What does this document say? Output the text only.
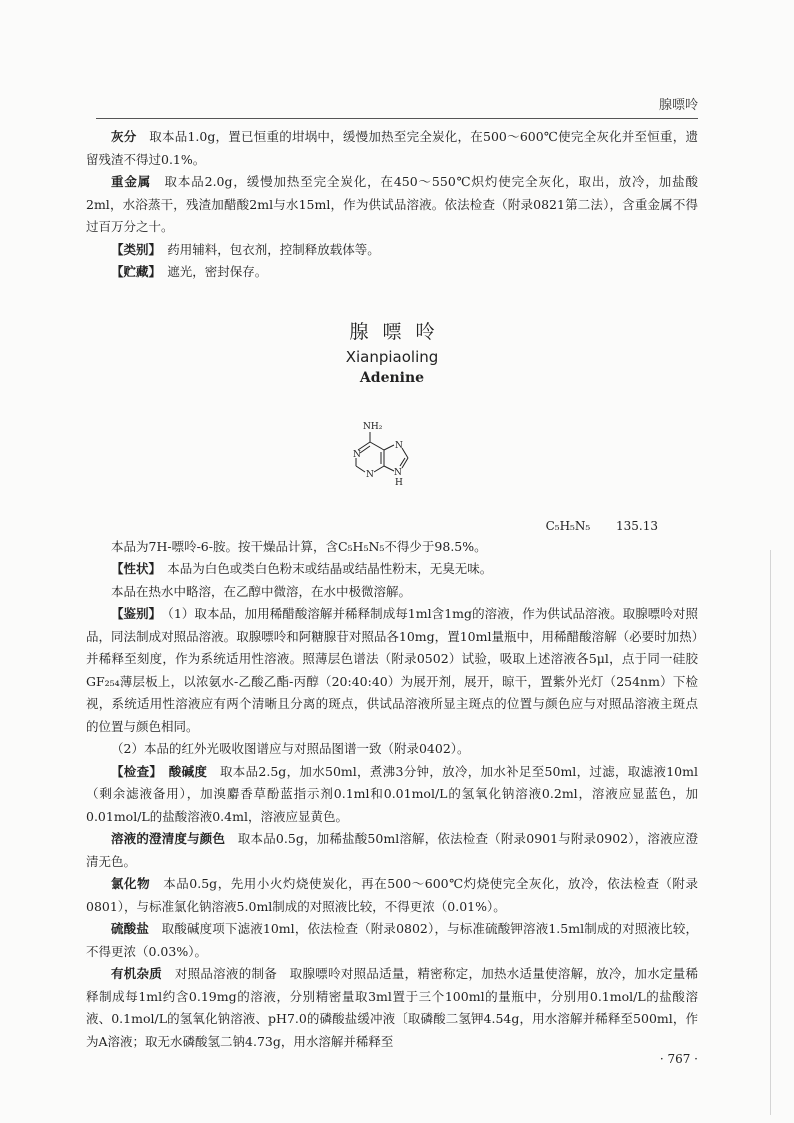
腺嘌呤

灰分　 取本品1.0g，置已恒重的坩埚中，缓慢加热至完全炭化，在500～600℃使完全灰化并至恒重，遗留残渣不得过0.1%。

重金属　 取本品2.0g，缓慢加热至完全炭化，在450～550℃炽灼使完全灰化，取出，放冷，加盐酸2ml，水浴蒸干，残渣加醋酸2ml与水15ml，作为供试品溶液。依法检查（附录0821第二法），含重金属不得过百万分之十。

【类别】　 药用辅料，包衣剂，控制释放载体等。

【贮藏】　 遮光，密封保存。

腺嘌呤
Xianpiaoling
Adenine
NH₂
N
N
N
N
H
C₅H₅N₅ 135.13

本品为7H-嘌呤-6-胺。按干燥品计算，含C₅H₅N₅不得少于98.5%。

【性状】　 本品为白色或类白色粉末或结晶或结晶性粉末，无臭无味。

本品在热水中略溶，在乙醇中微溶，在水中极微溶解。

【鉴别】　 （1）取本品，加用稀醋酸溶解并稀释制成每1ml含1mg的溶液，作为供试品溶液。取腺嘌呤对照品，同法制成对照品溶液。取腺嘌呤和阿糖腺苷对照品各10mg，置10ml量瓶中，用稀醋酸溶解（必要时加热）并稀释至刻度，作为系统适用性溶液。照薄层色谱法（附录0502）试验，吸取上述溶液各5μl，点于同一硅胶GF₂₅₄薄层板上，以浓氨水-乙酸乙酯-丙醇（20:40:40）为展开剂，展开，晾干，置紫外光灯（254nm）下检视，系统适用性溶液应有两个清晰且分离的斑点，供试品溶液所显主斑点的位置与颜色应与对照品溶液主斑点的位置与颜色相同。

（2）本品的红外光吸收图谱应与对照品图谱一致（附录0402）。

【检查】　 酸碱度　 取本品2.5g，加水50ml，煮沸3分钟，放冷，加水补足至50ml，过滤，取滤液10ml（剩余滤液备用），加溴麝香草酚蓝指示剂0.1ml和0.01mol/L的氢氧化钠溶液0.2ml，溶液应显蓝色，加0.01mol/L的盐酸溶液0.4ml，溶液应显黄色。

溶液的澄清度与颜色　 取本品0.5g，加稀盐酸50ml溶解，依法检查（附录0901与附录0902），溶液应澄清无色。

氯化物　 本品0.5g，先用小火灼烧使炭化，再在500～600℃灼烧使完全灰化，放冷，依法检查（附录0801），与标准氯化钠溶液5.0ml制成的对照液比较，不得更浓（0.01%）。

硫酸盐　 取酸碱度项下滤液10ml，依法检查（附录0802），与标准硫酸钾溶液1.5ml制成的对照液比较，不得更浓（0.03%）。

有机杂质　 对照品溶液的制备　取腺嘌呤对照品适量，精密称定，加热水适量使溶解，放冷，加水定量稀释制成每1ml约含0.19mg的溶液，分别精密量取3ml置于三个100ml的量瓶中，分别用0.1mol/L的盐酸溶液、0.1mol/L的氢氧化钠溶液、pH7.0的磷酸盐缓冲液〔取磷酸二氢钾4.54g，用水溶解并稀释至500ml，作为A溶液；取无水磷酸氢二钠4.73g，用水溶解并稀释至

· 767 ·
